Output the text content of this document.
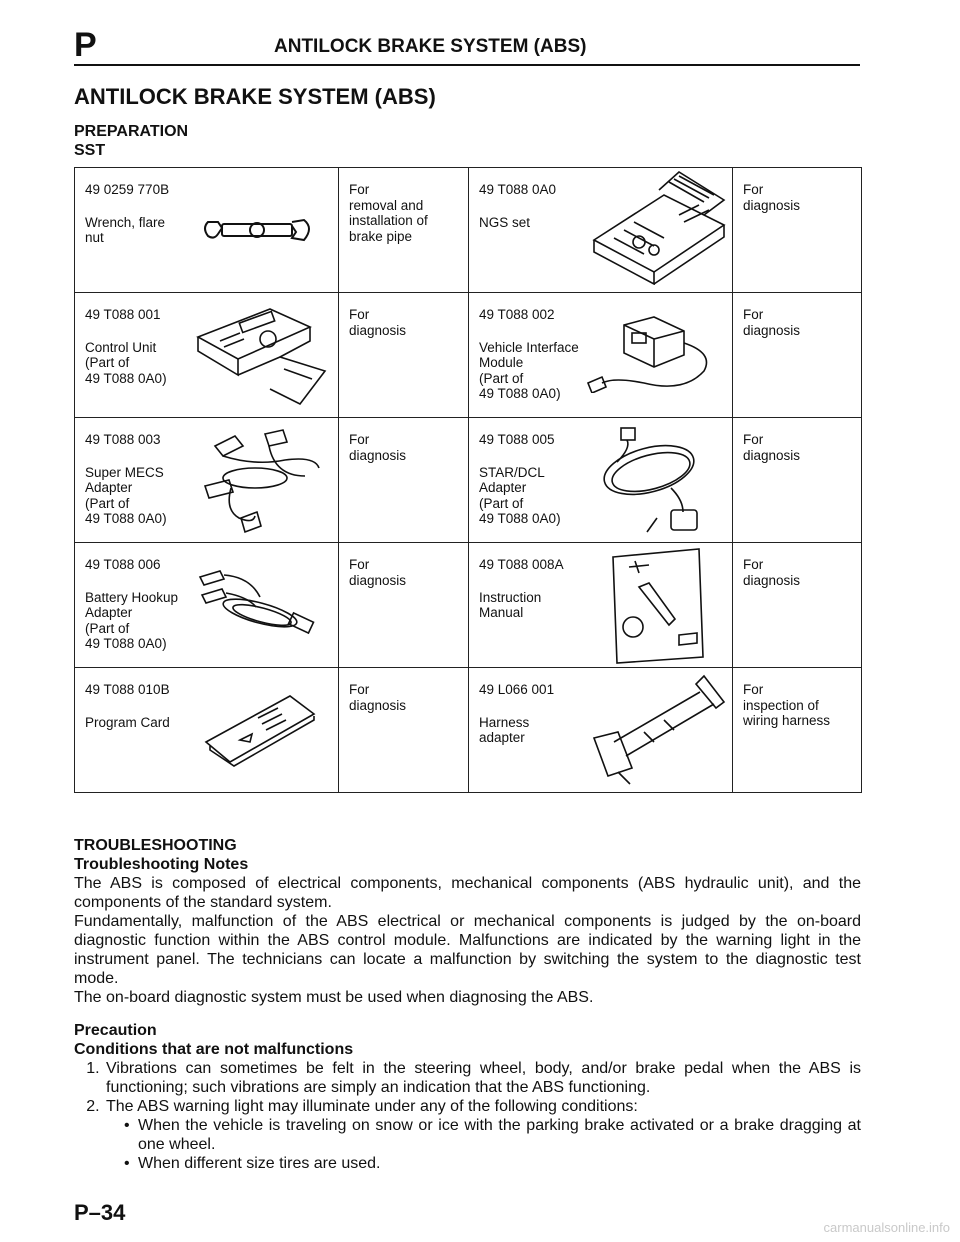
P	ANTILOCK BRAKE SYSTEM (ABS)
ANTILOCK BRAKE SYSTEM (ABS)
PREPARATION
SST
49 0259 770B
Wrench, flare
nut	For
removal and
installation of
brake pipe	49 T088 0A0
NGS set	For
diagnosis

49 T088 001
Control Unit
(Part of
49 T088 0A0)	For
diagnosis	49 T088 002
Vehicle Interface
Module
(Part of
49 T088 0A0)	For
diagnosis

49 T088 003
Super MECS
Adapter
(Part of
49 T088 0A0)	For
diagnosis	49 T088 005
STAR/DCL
Adapter
(Part of
49 T088 0A0)	For
diagnosis

49 T088 006
Battery Hookup
Adapter
(Part of
49 T088 0A0)	For
diagnosis	49 T088 008A
Instruction
Manual	For
diagnosis

49 T088 010B
Program Card	For
diagnosis	49 L066 001
Harness
adapter	For
inspection of
wiring harness
TROUBLESHOOTING
Troubleshooting Notes
The ABS is composed of electrical components, mechanical components (ABS hydraulic unit), and the components of the standard system.
Fundamentally, malfunction of the ABS electrical or mechanical components is judged by the on-board diagnostic function within the ABS control module. Malfunctions are indicated by the warning light in the instrument panel. The technicians can locate a malfunction by switching the system to the diagnostic test mode.
The on-board diagnostic system must be used when diagnosing the ABS.
Precaution
Conditions that are not malfunctions
1. Vibrations can sometimes be felt in the steering wheel, body, and/or brake pedal when the ABS is functioning; such vibrations are simply an indication that the ABS functioning.
2. The ABS warning light may illuminate under any of the following conditions:
• When the vehicle is traveling on snow or ice with the parking brake activated or a brake dragging at one wheel.
• When different size tires are used.
P–34
carmanualsonline.info
